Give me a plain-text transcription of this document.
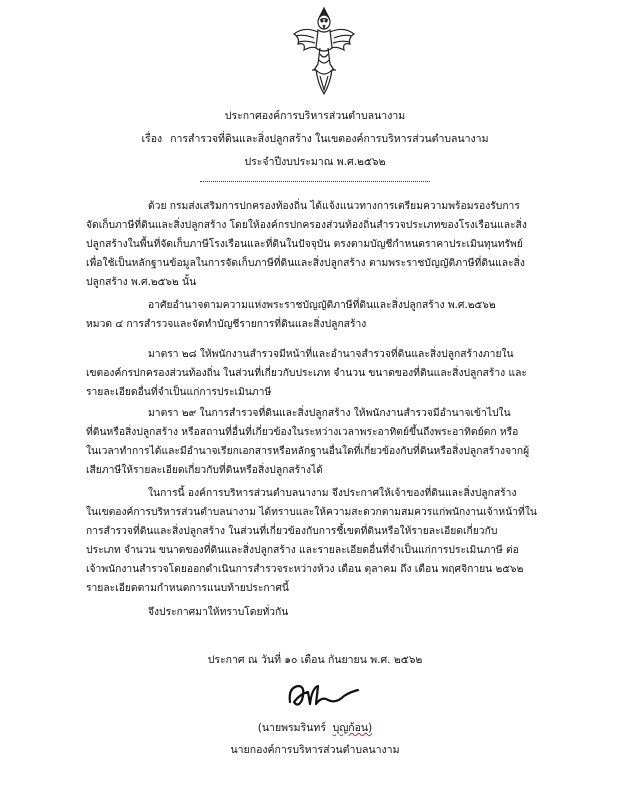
ประกาศองค์การบริหารส่วนตำบลนางาม
เรื่อง การสำรวจที่ดินและสิ่งปลูกสร้าง ในเขตองค์การบริหารส่วนตำบลนางาม
ประจำปีงบประมาณ พ.ศ.๒๕๖๒
ด้วย กรมส่งเสริมการปกครองท้องถิ่น ได้แจ้งแนวทางการเตรียมความพร้อมรองรับการ
จัดเก็บภาษีที่ดินและสิ่งปลูกสร้าง โดยให้องค์กรปกครองส่วนท้องถิ่นสำรวจประเภทของโรงเรือนและสิ่ง
ปลูกสร้างในพื้นที่จัดเก็บภาษีโรงเรือนและที่ดินในปัจจุบัน ตรงตามบัญชีกำหนดราคาประเมินทุนทรัพย์
เพื่อใช้เป็นหลักฐานข้อมูลในการจัดเก็บภาษีที่ดินและสิ่งปลูกสร้าง ตามพระราชบัญญัติภาษีที่ดินและสิ่ง
ปลูกสร้าง พ.ศ.๒๕๖๒ นั้น
อาศัยอำนาจตามความแห่งพระราชบัญญัติภาษีที่ดินและสิ่งปลูกสร้าง พ.ศ.๒๕๖๒
หมวด ๔ การสำรวจและจัดทำบัญชีรายการที่ดินและสิ่งปลูกสร้าง
มาตรา ๒๘ ให้พนักงานสำรวจมีหน้าที่และอำนาจสำรวจที่ดินและสิ่งปลูกสร้างภายใน
เขตองค์กรปกครองส่วนท้องถิ่น ในส่วนที่เกี่ยวกับประเภท จำนวน ขนาดของที่ดินและสิ่งปลูกสร้าง และ
รายละเอียดอื่นที่จำเป็นแก่การประเมินภาษี
มาตรา ๒๙ ในการสำรวจที่ดินและสิ่งปลูกสร้าง ให้พนักงานสำรวจมีอำนาจเข้าไปใน
ที่ดินหรือสิ่งปลูกสร้าง หรือสถานที่อื่นที่เกี่ยวข้องในระหว่างเวลาพระอาทิตย์ขึ้นถึงพระอาทิตย์ตก หรือ
ในเวลาทำการได้และมีอำนาจเรียกเอกสารหรือหลักฐานอื่นใดที่เกี่ยวข้องกับที่ดินหรือสิ่งปลูกสร้างจากผู้
เสียภาษีให้รายละเอียดเกี่ยวกับที่ดินหรือสิ่งปลูกสร้างได้
ในการนี้ องค์การบริหารส่วนตำบลนางาม จึงประกาศให้เจ้าของที่ดินและสิ่งปลูกสร้าง
ในเขตองค์การบริหารส่วนตำบลนางาม ได้ทราบและให้ความสะดวกตามสมควรแก่พนักงานเจ้าหน้าที่ใน
การสำรวจที่ดินและสิ่งปลูกสร้าง ในส่วนที่เกี่ยวข้องกับการชี้เขตที่ดินหรือให้รายละเอียดเกี่ยวกับ
ประเภท จำนวน ขนาดของที่ดินและสิ่งปลูกสร้าง และรายละเอียดอื่นที่จำเป็นแก่การประเมินภาษี ต่อ
เจ้าพนักงานสำรวจโดยออกดำเนินการสำรวจระหว่างห้วง เดือน ตุลาคม ถึง เดือน พฤศจิกายน ๒๕๖๒
รายละเอียดตามกำหนดการแนบท้ายประกาศนี้
จึงประกาศมาให้ทราบโดยทั่วกัน
ประกาศ ณ วันที่ ๑๐ เดือน กันยายน พ.ศ. ๒๕๖๒
(นายพรมรินทร์ บุญก้อน)
นายกองค์การบริหารส่วนตำบลนางาม
